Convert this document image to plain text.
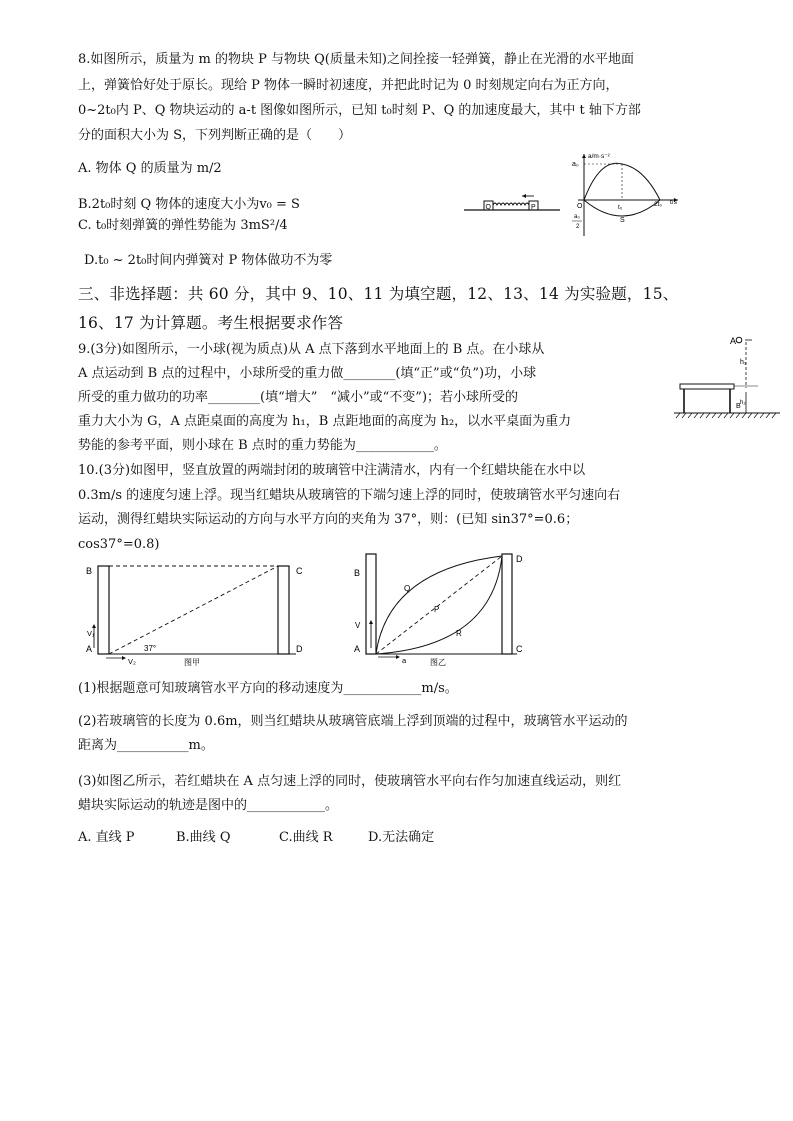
8.如图所示，质量为 m 的物块 P 与物块 Q(质量未知)之间拴接一轻弹簧，静止在光滑的水平地面
上，弹簧恰好处于原长。现给 P 物体一瞬时初速度，并把此时记为 0 时刻规定向右为正方向，
0~2t₀内 P、Q 物块运动的 a-t 图像如图所示，已知 t₀时刻 P、Q 的加速度最大，其中 t 轴下方部
分的面积大小为 S，下列判断正确的是（　　）
A. 物体 Q 的质量为 m/2
B.2t₀时刻 Q 物体的速度大小为v₀ = S
C. t₀时刻弹簧的弹性势能为 3mS²/4
D.t₀ ~ 2t₀时间内弹簧对 P 物体做功不为零
Q	P
a/m·s⁻²
a₀
a₀
2
O	t₀	2t₀ t/s
S
三、非选择题：共 60 分，其中 9、10、11 为填空题，12、13、14 为实验题，15、
16、17 为计算题。考生根据要求作答
9.(3分)如图所示，一小球(视为质点)从 A 点下落到水平地面上的 B 点。在小球从
A 点运动到 B 点的过程中，小球所受的重力做________(填“正”或“负”)功，小球
所受的重力做功的功率________(填“增大”　“减小”或“不变”)；若小球所受的
重力大小为 G，A 点距桌面的高度为 h₁，B 点距地面的高度为 h₂，以水平桌面为重力
势能的参考平面，则小球在 B 点时的重力势能为____________。
A
h₁
B h₂
10.(3分)如图甲，竖直放置的两端封闭的玻璃管中注满清水，内有一个红蜡块能在水中以
0.3m/s 的速度匀速上浮。现当红蜡块从玻璃管的下端匀速上浮的同时，使玻璃管水平匀速向右
运动，测得红蜡块实际运动的方向与水平方向的夹角为 37°，则：(已知 sin37°=0.6；
cos37°=0.8)
B
V₁
A
V₂
37°
C
D
图甲
B
V
A
a
Q
P
R
D
C
图乙
(1)根据题意可知玻璃管水平方向的移动速度为____________m/s。
(2)若玻璃管的长度为 0.6m，则当红蜡块从玻璃管底端上浮到顶端的过程中，玻璃管水平运动的
距离为___________m。
(3)如图乙所示，若红蜡块在 A 点匀速上浮的同时，使玻璃管水平向右作匀加速直线运动，则红
蜡块实际运动的轨迹是图中的____________。
A. 直线 P	B.曲线 Q	C.曲线 R	D.无法确定
